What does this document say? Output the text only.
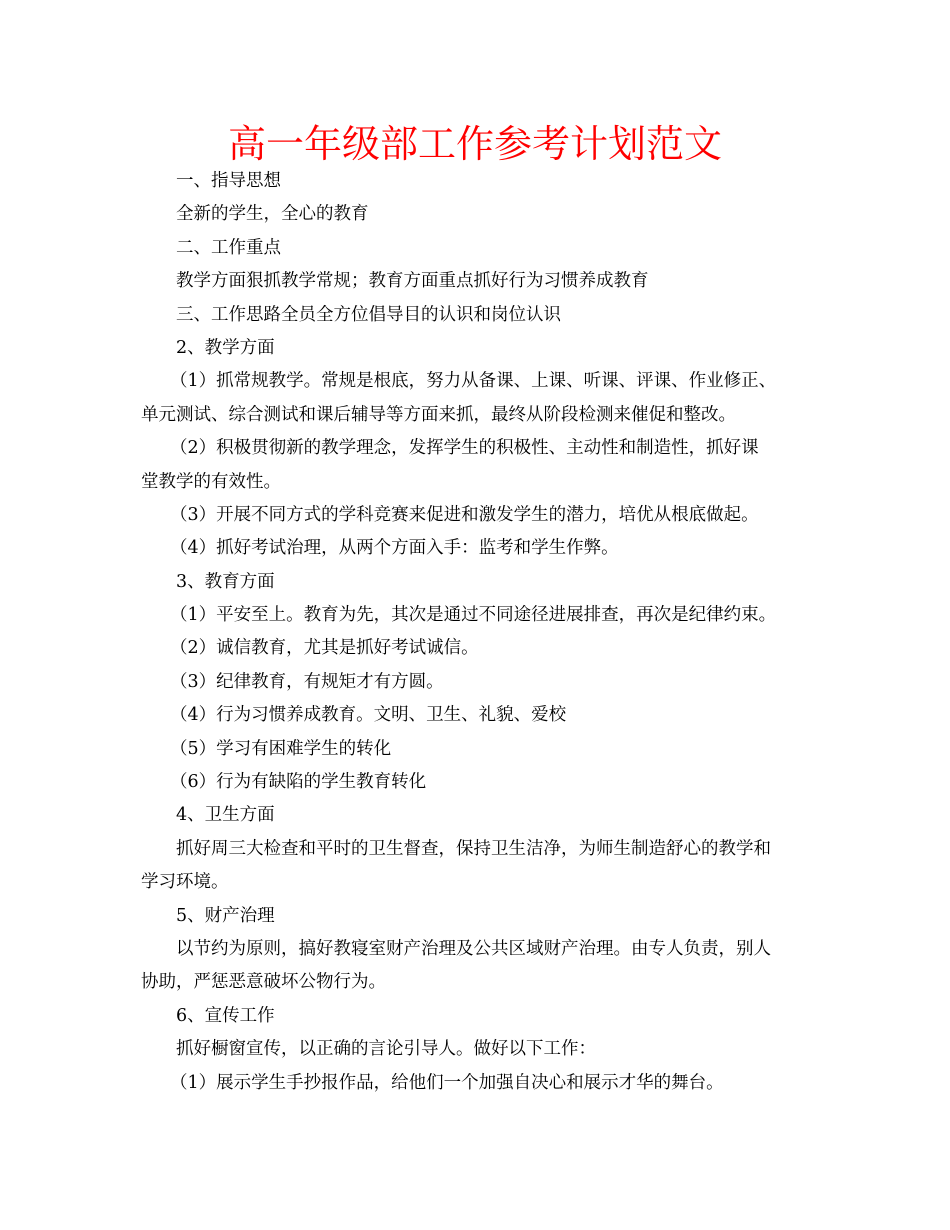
高一年级部工作参考计划范文
一、指导思想
全新的学生，全心的教育
二、工作重点
教学方面狠抓教学常规；教育方面重点抓好行为习惯养成教育
三、工作思路全员全方位倡导目的认识和岗位认识
2、教学方面
（1）抓常规教学。常规是根底，努力从备课、上课、听课、评课、作业修正、
单元测试、综合测试和课后辅导等方面来抓，最终从阶段检测来催促和整改。
（2）积极贯彻新的教学理念，发挥学生的积极性、主动性和制造性，抓好课
堂教学的有效性。
（3）开展不同方式的学科竞赛来促进和激发学生的潜力，培优从根底做起。
（4）抓好考试治理，从两个方面入手：监考和学生作弊。
3、教育方面
（1）平安至上。教育为先，其次是通过不同途径进展排查，再次是纪律约束。
（2）诚信教育，尤其是抓好考试诚信。
（3）纪律教育，有规矩才有方圆。
（4）行为习惯养成教育。文明、卫生、礼貌、爱校
（5）学习有困难学生的转化
（6）行为有缺陷的学生教育转化
4、卫生方面
抓好周三大检查和平时的卫生督查，保持卫生洁净，为师生制造舒心的教学和
学习环境。
5、财产治理
以节约为原则，搞好教寝室财产治理及公共区域财产治理。由专人负责，别人
协助，严惩恶意破坏公物行为。
6、宣传工作
抓好橱窗宣传，以正确的言论引导人。做好以下工作：
（1）展示学生手抄报作品，给他们一个加强自决心和展示才华的舞台。
